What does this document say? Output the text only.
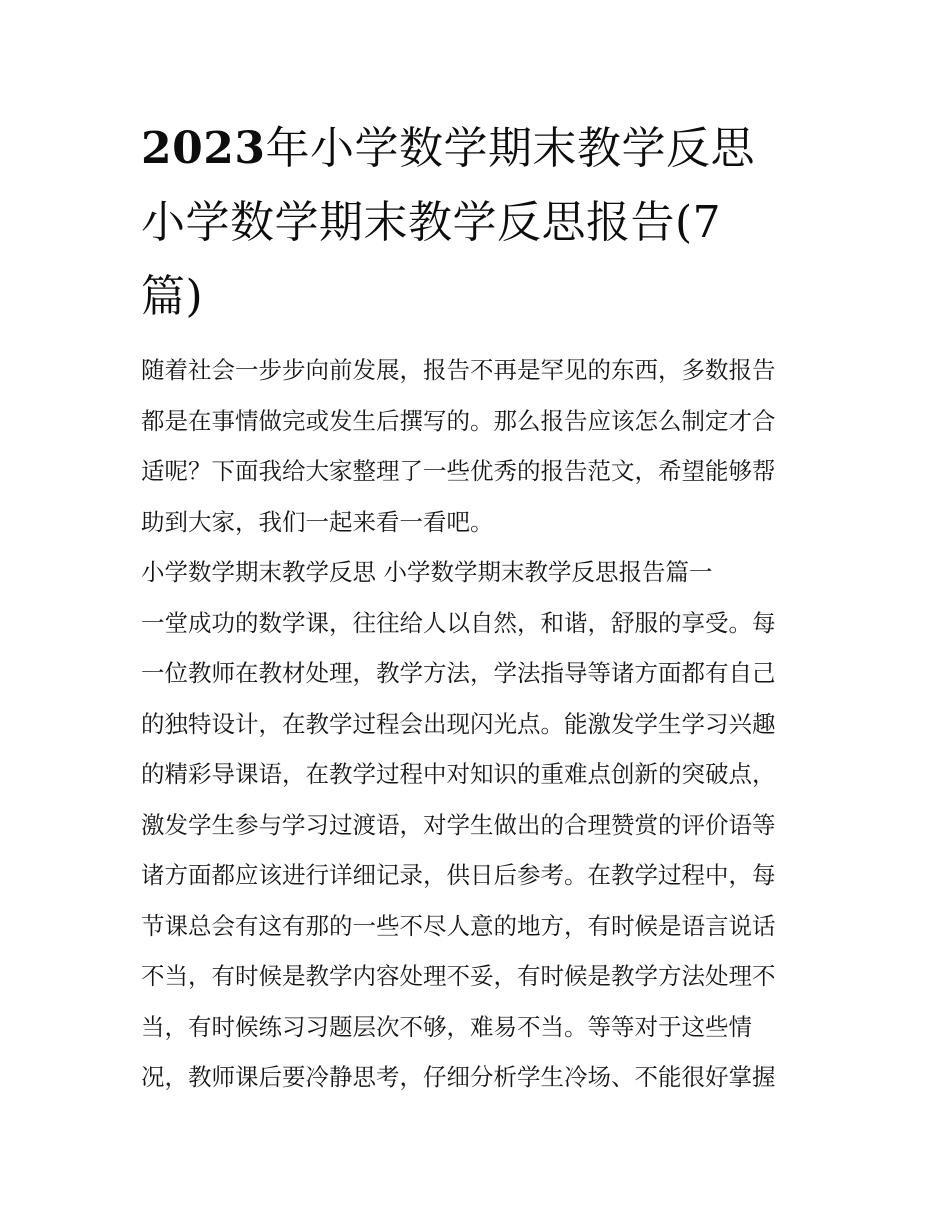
2023年小学数学期末教学反思
小学数学期末教学反思报告(7
篇)
随着社会一步步向前发展，报告不再是罕见的东西，多数报告
都是在事情做完或发生后撰写的。那么报告应该怎么制定才合
适呢？下面我给大家整理了一些优秀的报告范文，希望能够帮
助到大家，我们一起来看一看吧。
小学数学期末教学反思 小学数学期末教学反思报告篇一
一堂成功的数学课，往往给人以自然，和谐，舒服的享受。每
一位教师在教材处理，教学方法，学法指导等诸方面都有自己
的独特设计，在教学过程会出现闪光点。能激发学生学习兴趣
的精彩导课语，在教学过程中对知识的重难点创新的突破点，
激发学生参与学习过渡语，对学生做出的合理赞赏的评价语等
诸方面都应该进行详细记录，供日后参考。在教学过程中，每
节课总会有这有那的一些不尽人意的地方，有时候是语言说话
不当，有时候是教学内容处理不妥，有时候是教学方法处理不
当，有时候练习习题层次不够，难易不当。等等对于这些情
况，教师课后要冷静思考，仔细分析学生冷场、不能很好掌握
